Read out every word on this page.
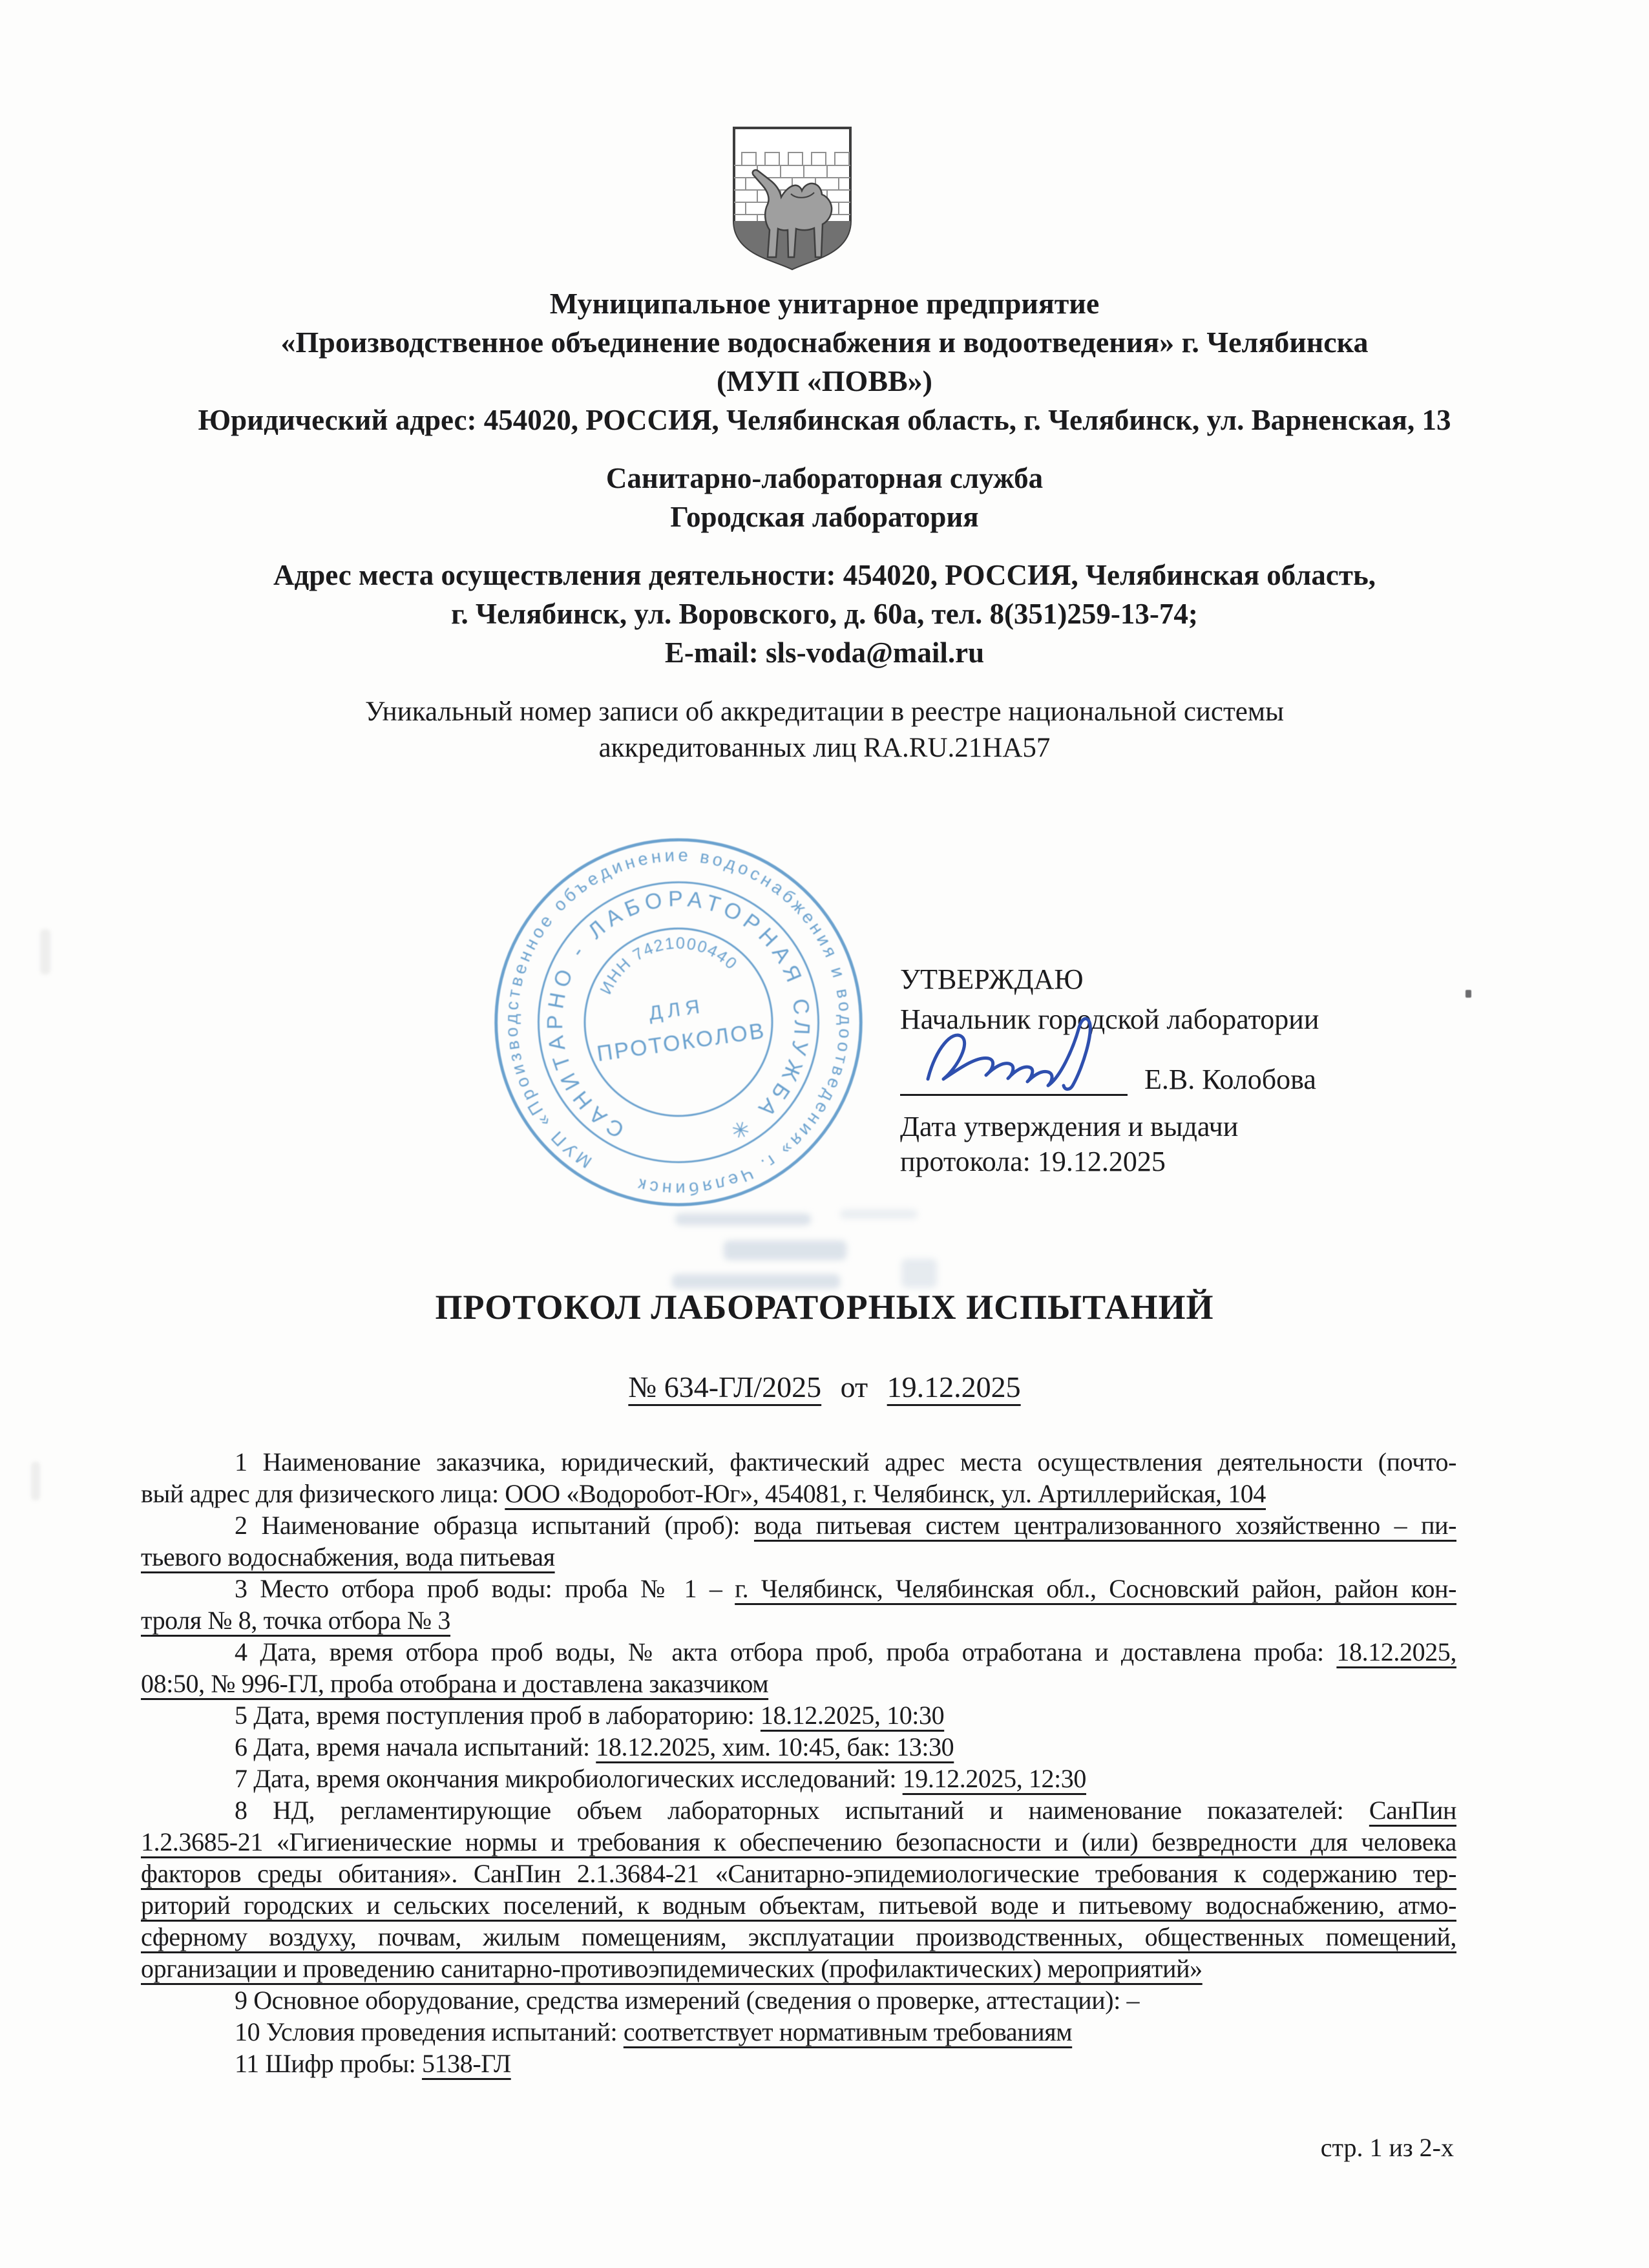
Муниципальное унитарное предприятие
«Производственное объединение водоснабжения и водоотведения» г. Челябинска
(МУП «ПОВВ»)
Юридический адрес: 454020, РОССИЯ, Челябинская область, г. Челябинск, ул. Варненская, 13
Санитарно-лабораторная служба
Городская лаборатория
Адрес места осуществления деятельности: 454020, РОССИЯ, Челябинская область,
г. Челябинск, ул. Воровского, д. 60а, тел. 8(351)259-13-74;
E-mail: sls-voda@mail.ru
Уникальный номер записи об аккредитации в реестре национальной системы
аккредитованных лиц RA.RU.21HA57
МУП «Производственное объединение водоснабжения и водоотведения» г. Челябинск
САНИТАРНО - ЛАБОРАТОРНАЯ СЛУЖБА ✳
ИНН 7421000440
ДЛЯ
ПРОТОКОЛОВ
УТВЕРЖДАЮ
Начальник городской лаборатории
Е.В. Колобова
Дата утверждения и выдачи
протокола: 19.12.2025
ПРОТОКОЛ ЛАБОРАТОРНЫХ ИСПЫТАНИЙ
№ 634-ГЛ/2025 от 19.12.2025
1 Наименование заказчика, юридический, фактический адрес места осуществления деятельности (почто-
вый адрес для физического лица: ООО «Водоробот-Юг», 454081, г. Челябинск, ул. Артиллерийская, 104
2 Наименование образца испытаний (проб): вода питьевая систем централизованного хозяйственно – пи-
тьевого водоснабжения, вода питьевая
3 Место отбора проб воды: проба № 1 – г. Челябинск, Челябинская обл., Сосновский район, район кон-
троля № 8, точка отбора № 3
4 Дата, время отбора проб воды, № акта отбора проб, проба отработана и доставлена проба: 18.12.2025,
08:50, № 996-ГЛ, проба отобрана и доставлена заказчиком
5 Дата, время поступления проб в лабораторию: 18.12.2025, 10:30
6 Дата, время начала испытаний: 18.12.2025, хим. 10:45, бак: 13:30
7 Дата, время окончания микробиологических исследований: 19.12.2025, 12:30
8 НД, регламентирующие объем лабораторных испытаний и наименование показателей: СанПин
1.2.3685-21 «Гигиенические нормы и требования к обеспечению безопасности и (или) безвредности для человека
факторов среды обитания». СанПин 2.1.3684-21 «Санитарно-эпидемиологические требования к содержанию тер-
риторий городских и сельских поселений, к водным объектам, питьевой воде и питьевому водоснабжению, атмо-
сферному воздуху, почвам, жилым помещениям, эксплуатации производственных, общественных помещений,
организации и проведению санитарно-противоэпидемических (профилактических) мероприятий»
9 Основное оборудование, средства измерений (сведения о проверке, аттестации): –
10 Условия проведения испытаний: соответствует нормативным требованиям
11 Шифр пробы: 5138-ГЛ
стр. 1 из 2-х
